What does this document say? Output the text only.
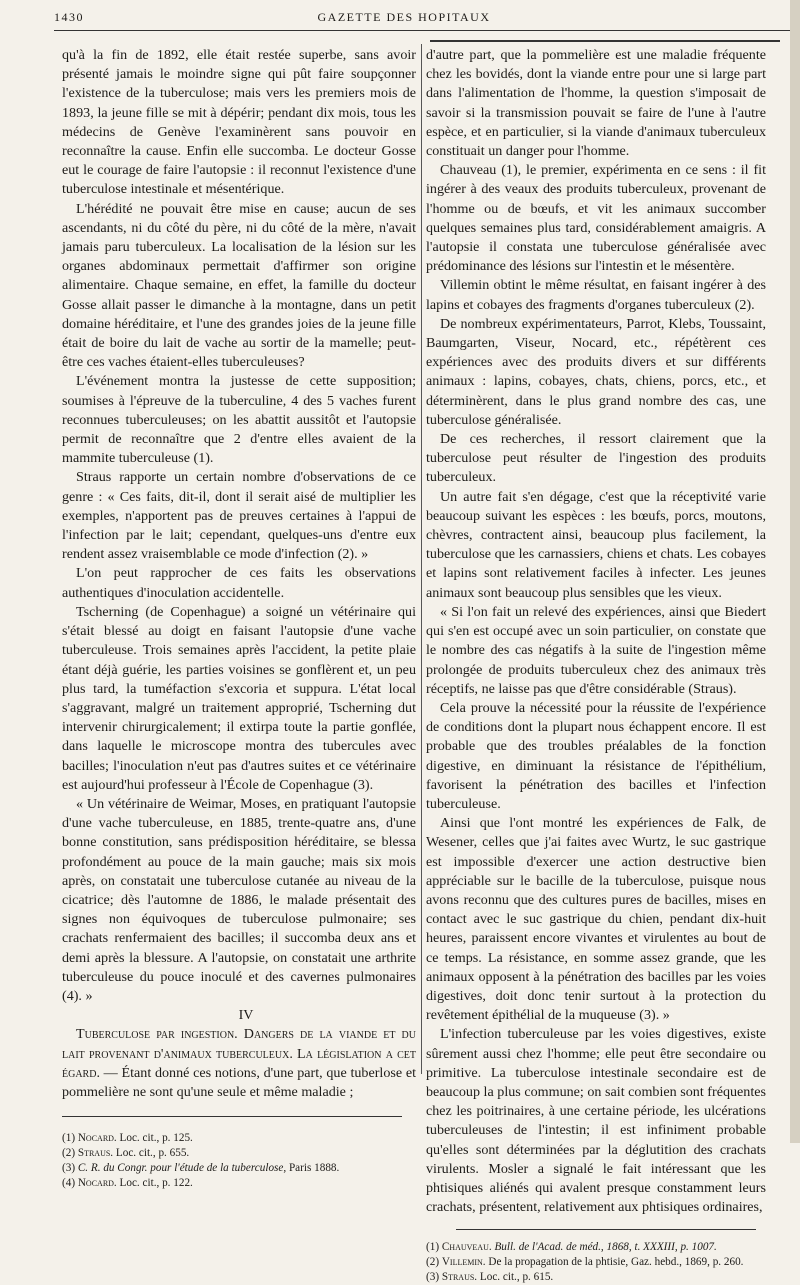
1430	GAZETTE DES HOPITAUX

qu'à la fin de 1892, elle était restée superbe, sans avoir présenté jamais le moindre signe qui pût faire soupçonner l'existence de la tuberculose; mais vers les premiers mois de 1893, la jeune fille se mit à dépérir; pendant dix mois, tous les médecins de Genève l'examinèrent sans pouvoir en reconnaître la cause. Enfin elle succomba. Le docteur Gosse eut le courage de faire l'autopsie : il reconnut l'existence d'une tuberculose intestinale et mésentérique.

L'hérédité ne pouvait être mise en cause; aucun de ses ascendants, ni du côté du père, ni du côté de la mère, n'avait jamais paru tuberculeux. La localisation de la lésion sur les organes abdominaux permettait d'affirmer son origine alimentaire. Chaque semaine, en effet, la famille du docteur Gosse allait passer le dimanche à la montagne, dans un petit domaine héréditaire, et l'une des grandes joies de la jeune fille était de boire du lait de vache au sortir de la mamelle; peut-être ces vaches étaient-elles tuberculeuses?

L'événement montra la justesse de cette supposition; soumises à l'épreuve de la tuberculine, 4 des 5 vaches furent reconnues tuberculeuses; on les abattit aussitôt et l'autopsie permit de reconnaître que 2 d'entre elles avaient de la mammite tuberculeuse (1).

Straus rapporte un certain nombre d'observations de ce genre : « Ces faits, dit-il, dont il serait aisé de multiplier les exemples, n'apportent pas de preuves certaines à l'appui de l'infection par le lait; cependant, quelques-uns d'entre eux rendent assez vraisemblable ce mode d'infection (2). »

L'on peut rapprocher de ces faits les observations authentiques d'inoculation accidentelle.

Tscherning (de Copenhague) a soigné un vétérinaire qui s'était blessé au doigt en faisant l'autopsie d'une vache tuberculeuse. Trois semaines après l'accident, la petite plaie étant déjà guérie, les parties voisines se gonflèrent et, un peu plus tard, la tuméfaction s'excoria et suppura. L'état local s'aggravant, malgré un traitement approprié, Tscherning dut intervenir chirurgicalement; il extirpa toute la partie gonflée, dans laquelle le microscope montra des tubercules avec bacilles; l'inoculation n'eut pas d'autres suites et ce vétérinaire est aujourd'hui professeur à l'École de Copenhague (3).

« Un vétérinaire de Weimar, Moses, en pratiquant l'autopsie d'une vache tuberculeuse, en 1885, trente-quatre ans, d'une bonne constitution, sans prédisposition héréditaire, se blessa profondément au pouce de la main gauche; mais six mois après, on constatait une tuberculose cutanée au niveau de la cicatrice; dès l'automne de 1886, le malade présentait des signes non équivoques de tuberculose pulmonaire; ses crachats renfermaient des bacilles; il succomba deux ans et demi après la blessure. A l'autopsie, on constatait une arthrite tuberculeuse du pouce inoculé et des cavernes pulmonaires (4). »

IV

Tuberculose par ingestion. Dangers de la viande et du lait provenant d'animaux tuberculeux. La législation a cet égard. — Étant donné ces notions, d'une part, que tuberlose et pommelière ne sont qu'une seule et même maladie ;

(1) Nocard. Loc. cit., p. 125.
(2) Straus. Loc. cit., p. 655.
(3) C. R. du Congr. pour l'étude de la tuberculose, Paris 1888.
(4) Nocard. Loc. cit., p. 122.

d'autre part, que la pommelière est une maladie fréquente chez les bovidés, dont la viande entre pour une si large part dans l'alimentation de l'homme, la question s'imposait de savoir si la transmission pouvait se faire de l'une à l'autre espèce, et en particulier, si la viande d'animaux tuberculeux constituait un danger pour l'homme.

Chauveau (1), le premier, expérimenta en ce sens : il fit ingérer à des veaux des produits tuberculeux, provenant de l'homme ou de bœufs, et vit les animaux succomber quelques semaines plus tard, considérablement amaigris. A l'autopsie il constata une tuberculose généralisée avec prédominance des lésions sur l'intestin et le mésentère.

Villemin obtint le même résultat, en faisant ingérer à des lapins et cobayes des fragments d'organes tuberculeux (2).

De nombreux expérimentateurs, Parrot, Klebs, Toussaint, Baumgarten, Viseur, Nocard, etc., répétèrent ces expériences avec des produits divers et sur différents animaux : lapins, cobayes, chats, chiens, porcs, etc., et déterminèrent, dans le plus grand nombre des cas, une tuberculose généralisée.

De ces recherches, il ressort clairement que la tuberculose peut résulter de l'ingestion des produits tuberculeux.

Un autre fait s'en dégage, c'est que la réceptivité varie beaucoup suivant les espèces : les bœufs, porcs, moutons, chèvres, contractent ainsi, beaucoup plus facilement, la tuberculose que les carnassiers, chiens et chats. Les cobayes et lapins sont relativement faciles à infecter. Les jeunes animaux sont beaucoup plus sensibles que les vieux.

« Si l'on fait un relevé des expériences, ainsi que Biedert qui s'en est occupé avec un soin particulier, on constate que le nombre des cas négatifs à la suite de l'ingestion même prolongée de produits tuberculeux chez des animaux très réceptifs, ne laisse pas que d'être considérable (Straus).

Cela prouve la nécessité pour la réussite de l'expérience de conditions dont la plupart nous échappent encore. Il est probable que des troubles préalables de la fonction digestive, en diminuant la résistance de l'épithélium, favorisent la pénétration des bacilles et l'infection tuberculeuse.

Ainsi que l'ont montré les expériences de Falk, de Wesener, celles que j'ai faites avec Wurtz, le suc gastrique est impossible d'exercer une action destructive bien appréciable sur le bacille de la tuberculose, puisque nous avons reconnu que des cultures pures de bacilles, mises en contact avec le suc gastrique du chien, pendant dix-huit heures, paraissent encore vivantes et virulentes au bout de ce temps. La résistance, en somme assez grande, que les animaux opposent à la pénétration des bacilles par les voies digestives, doit donc tenir surtout à la protection du revêtement épithélial de la muqueuse (3). »

L'infection tuberculeuse par les voies digestives, existe sûrement aussi chez l'homme; elle peut être secondaire ou primitive. La tuberculose intestinale secondaire est de beaucoup la plus commune; on sait combien sont fréquentes chez les poitrinaires, à une certaine période, les ulcérations tuberculeuses de l'intestin; il est infiniment probable qu'elles sont déterminées par la déglutition des crachats virulents. Mosler a signalé le fait intéressant que les phtisiques aliénés qui avalent presque constamment leurs crachats, présentent, relativement aux phtisiques ordinaires,

(1) Chauveau. Bull. de l'Acad. de méd., 1868, t. XXXIII, p. 1007.
(2) Villemin. De la propagation de la phtisie, Gaz. hebd., 1869, p. 260.
(3) Straus. Loc. cit., p. 615.
